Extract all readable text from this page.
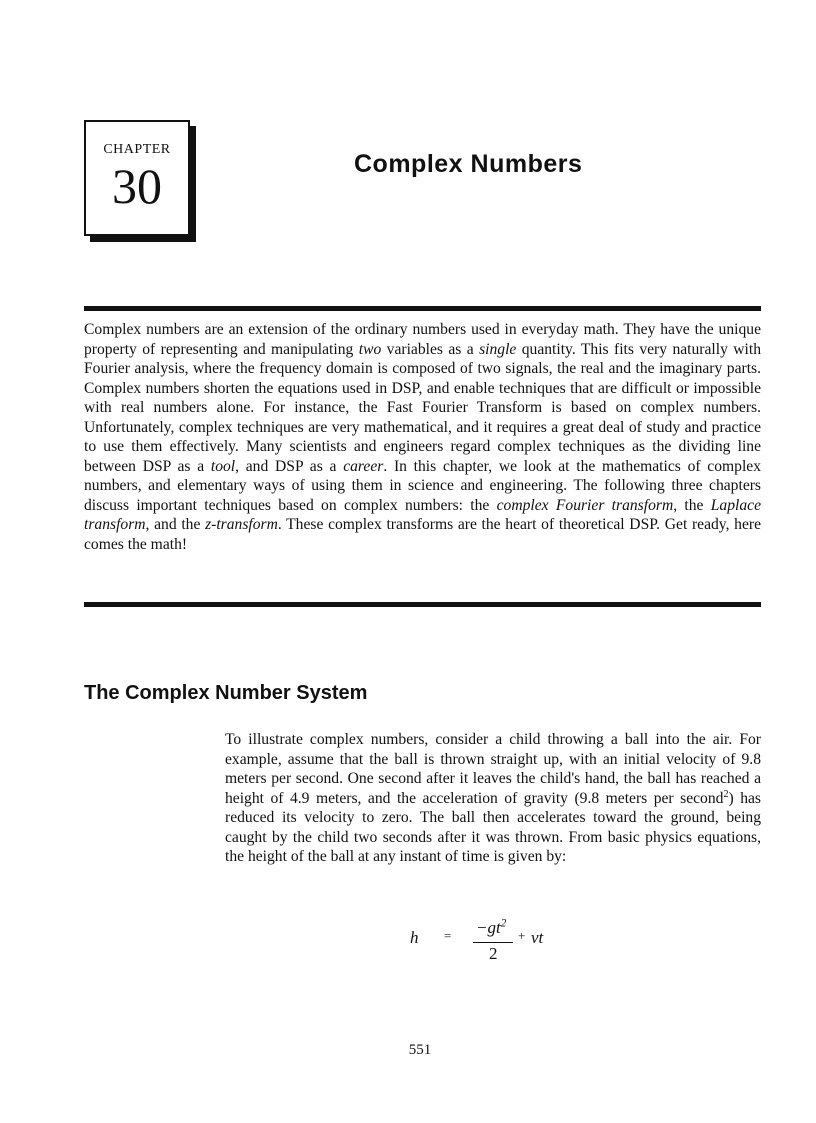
CHAPTER
30	Complex Numbers

Complex numbers are an extension of the ordinary numbers used in everyday math. They have the unique property of representing and manipulating two variables as a single quantity. This fits very naturally with Fourier analysis, where the frequency domain is composed of two signals, the real and the imaginary parts. Complex numbers shorten the equations used in DSP, and enable techniques that are difficult or impossible with real numbers alone. For instance, the Fast Fourier Transform is based on complex numbers. Unfortunately, complex techniques are very mathematical, and it requires a great deal of study and practice to use them effectively. Many scientists and engineers regard complex techniques as the dividing line between DSP as a tool, and DSP as a career. In this chapter, we look at the mathematics of complex numbers, and elementary ways of using them in science and engineering. The following three chapters discuss important techniques based on complex numbers: the complex Fourier transform, the Laplace transform, and the z-transform. These complex transforms are the heart of theoretical DSP. Get ready, here comes the math!

The Complex Number System

To illustrate complex numbers, consider a child throwing a ball into the air. For example, assume that the ball is thrown straight up, with an initial velocity of 9.8 meters per second. One second after it leaves the child's hand, the ball has reached a height of 4.9 meters, and the acceleration of gravity (9.8 meters per second$^2$) has reduced its velocity to zero. The ball then accelerates toward the ground, being caught by the child two seconds after it was thrown. From basic physics equations, the height of the ball at any instant of time is given by:

$h = -gt^2$
2
+ vt

551
